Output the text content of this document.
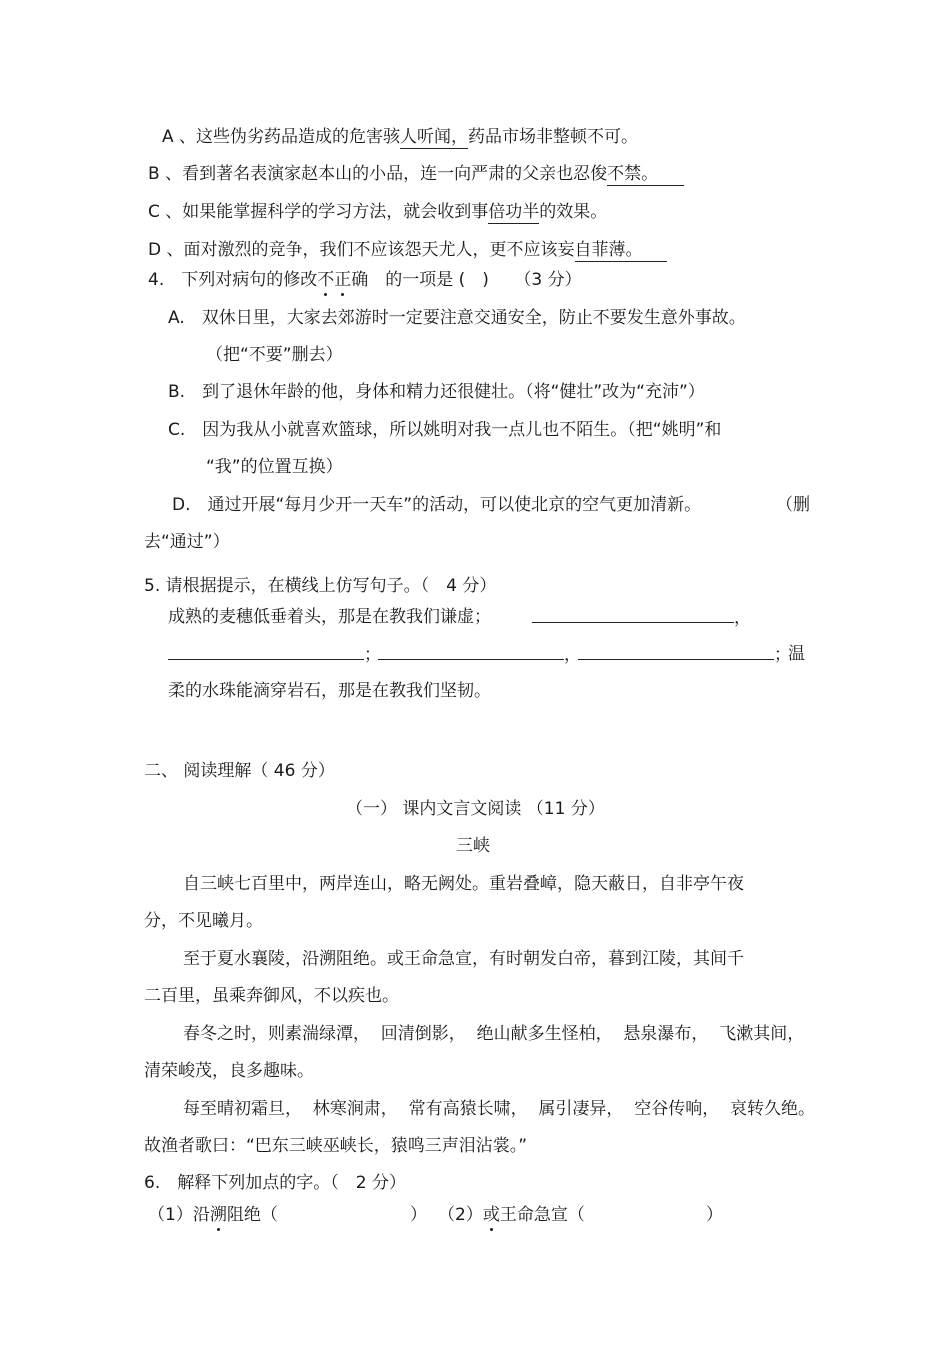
A 、这些伪劣药品造成的危害骇人听闻，药品市场非整顿不可。
B 、看到著名表演家赵本山的小品，连一向严肃的父亲也忍俊不禁。
C 、如果能掌握科学的学习方法，就会收到事倍功半的效果。
D 、面对激烈的竞争，我们不应该怨天尤人，更不应该妄自菲薄。
4.　下列对病句的修改不正确　的一项是 (　)　　（3 分）
A.　双休日里，大家去郊游时一定要注意交通安全，防止不要发生意外事故。
（把“不要”删去）
B.　到了退休年龄的他，身体和精力还很健壮。（将“健壮”改为“充沛”）
C.　因为我从小就喜欢篮球，所以姚明对我一点儿也不陌生。（把“姚明”和
“我”的位置互换）
D.　通过开展“每月少开一天车”的活动，可以使北京的空气更加清新。	（删
去“通过”）
5. 请根据提示，在横线上仿写句子。（　4 分）
成熟的麦穗低垂着头，那是在教我们谦虚；	，
；	，	；
温
柔的水珠能滴穿岩石，那是在教我们坚韧。
二、 阅读理解（ 46 分）
（一） 课内文言文阅读 （11 分）
三峡
自三峡七百里中，两岸连山，略无阙处。重岩叠嶂，隐天蔽日，自非亭午夜
分，不见曦月。
至于夏水襄陵，沿溯阻绝。或王命急宣，有时朝发白帝，暮到江陵，其间千
二百里，虽乘奔御风，不以疾也。
春冬之时，则素湍绿潭，  回清倒影，  绝山献多生怪柏，  悬泉瀑布，  飞漱其间，
清荣峻茂，良多趣味。
每至晴初霜旦，  林寒涧肃，  常有高猿长啸，  属引凄异，  空谷传响，  哀转久绝。
故渔者歌曰：“巴东三峡巫峡长，猿鸣三声泪沾裳。”
6.　解释下列加点的字。（　2 分）
（1）沿溯阻绝（	） （2）或王命急宣（	）
